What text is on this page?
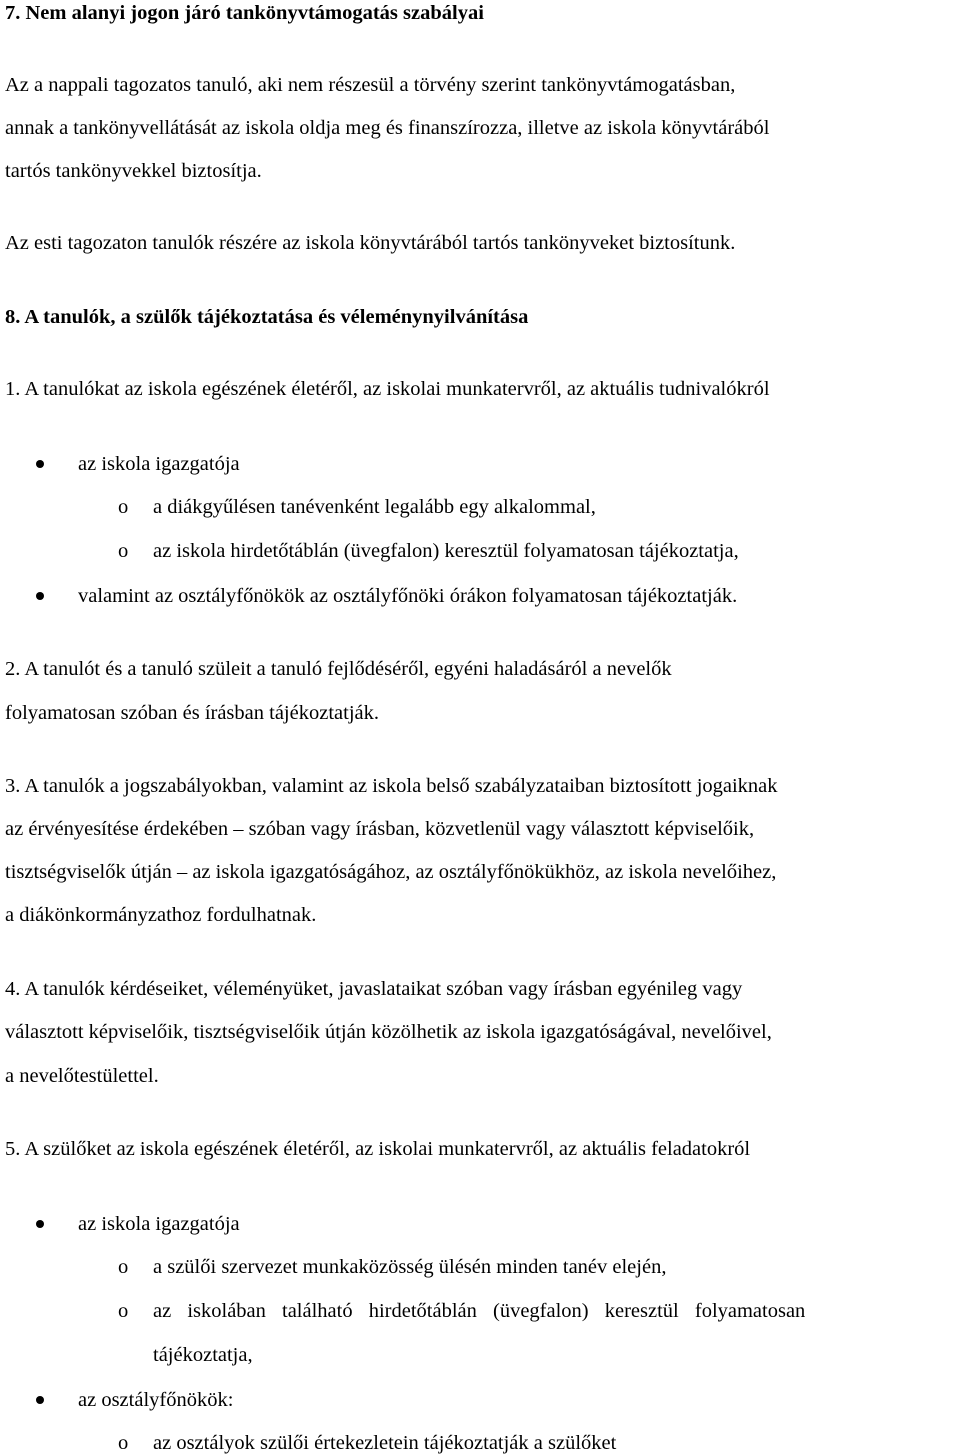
7. Nem alanyi jogon járó tankönyvtámogatás szabályai
Az a nappali tagozatos tanuló, aki nem részesül a törvény szerint tankönyvtámogatásban,
annak a tankönyvellátását az iskola oldja meg és finanszírozza, illetve az iskola könyvtárából
tartós tankönyvekkel biztosítja.
Az esti tagozaton tanulók részére az iskola könyvtárából tartós tankönyveket biztosítunk.
8. A tanulók, a szülők tájékoztatása és véleménynyilvánítása
1. A tanulókat az iskola egészének életéről, az iskolai munkatervről, az aktuális tudnivalókról
az iskola igazgatója
o a diákgyűlésen tanévenként legalább egy alkalommal,
o az iskola hirdetőtáblán (üvegfalon) keresztül folyamatosan tájékoztatja,
valamint az osztályfőnökök az osztályfőnöki órákon folyamatosan tájékoztatják.
2. A tanulót és a tanuló szüleit a tanuló fejlődéséről, egyéni haladásáról a nevelők
folyamatosan szóban és írásban tájékoztatják.
3. A tanulók a jogszabályokban, valamint az iskola belső szabályzataiban biztosított jogaiknak
az érvényesítése érdekében – szóban vagy írásban, közvetlenül vagy választott képviselőik,
tisztségviselők útján – az iskola igazgatóságához, az osztályfőnökükhöz, az iskola nevelőihez,
a diákönkormányzathoz fordulhatnak.
4. A tanulók kérdéseiket, véleményüket, javaslataikat szóban vagy írásban egyénileg vagy
választott képviselőik, tisztségviselőik útján közölhetik az iskola igazgatóságával, nevelőivel,
a nevelőtestülettel.
5. A szülőket az iskola egészének életéről, az iskolai munkatervről, az aktuális feladatokról
az iskola igazgatója
o a szülői szervezet munkaközösség ülésén minden tanév elején,
o az iskolában található hirdetőtáblán (üvegfalon) keresztül folyamatosan
tájékoztatja,
az osztályfőnökök:
o az osztályok szülői értekezletein tájékoztatják a szülőket
